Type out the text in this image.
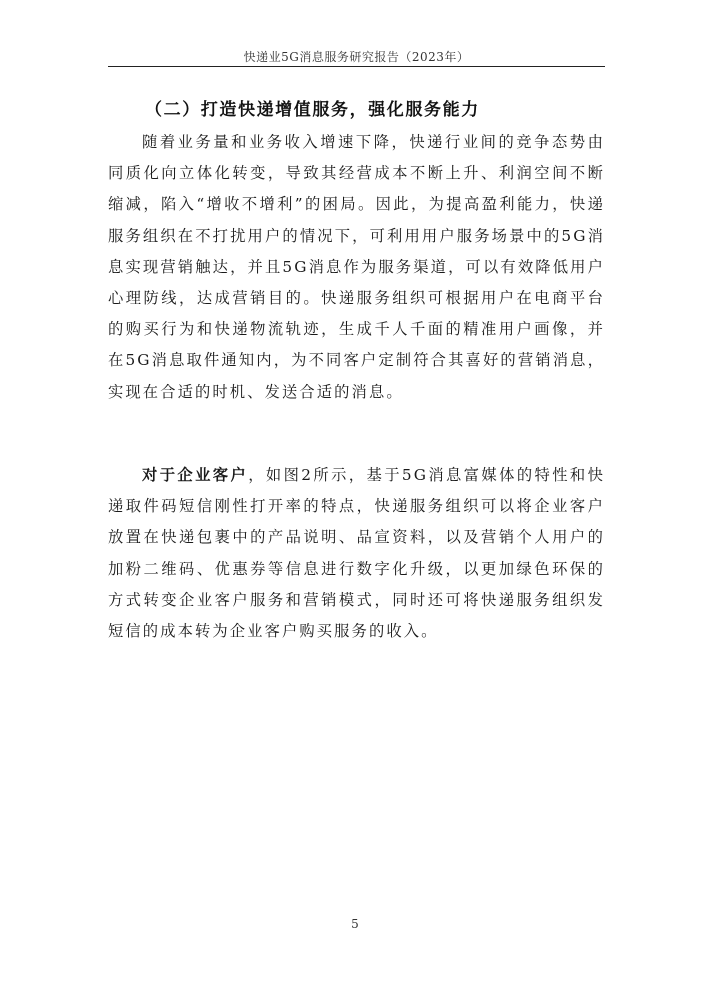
快递业5G消息服务研究报告（2023年）
（二）打造快递增值服务，强化服务能力

随着业务量和业务收入增速下降，快递行业间的竞争态势由同质化向立体化转变，导致其经营成本不断上升、利润空间不断缩减，陷入“增收不增利”的困局。因此，为提高盈利能力，快递服务组织在不打扰用户的情况下，可利用用户服务场景中的5G消息实现营销触达，并且5G消息作为服务渠道，可以有效降低用户心理防线，达成营销目的。快递服务组织可根据用户在电商平台的购买行为和快递物流轨迹，生成千人千面的精准用户画像，并在5G消息取件通知内，为不同客户定制符合其喜好的营销消息，实现在合适的时机、发送合适的消息。

对于企业客户，如图2所示，基于5G消息富媒体的特性和快递取件码短信刚性打开率的特点，快递服务组织可以将企业客户放置在快递包裹中的产品说明、品宣资料，以及营销个人用户的加粉二维码、优惠券等信息进行数字化升级，以更加绿色环保的方式转变企业客户服务和营销模式，同时还可将快递服务组织发短信的成本转为企业客户购买服务的收入。

5
